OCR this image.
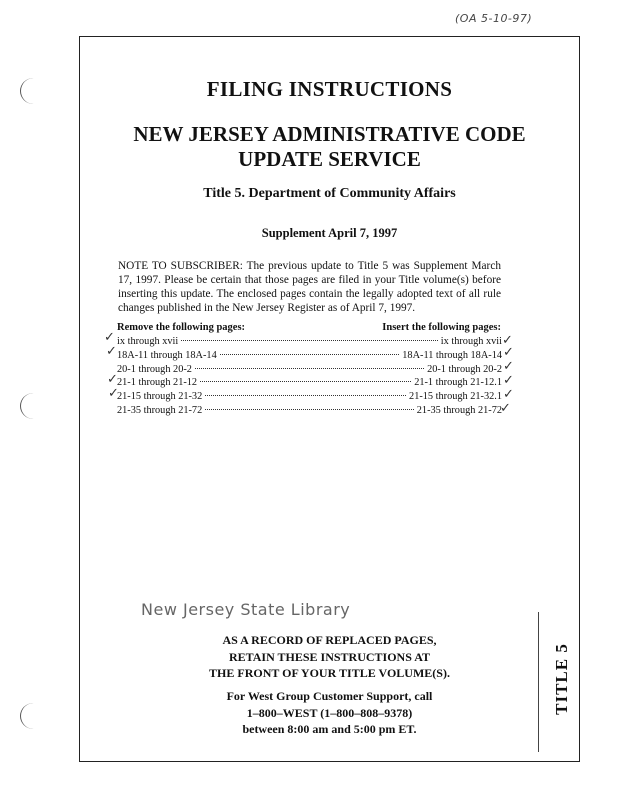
(OA 5-10-97)
FILING INSTRUCTIONS
NEW JERSEY ADMINISTRATIVE CODE
UPDATE SERVICE
Title 5. Department of Community Affairs
Supplement April 7, 1997
NOTE TO SUBSCRIBER: The previous update to Title 5 was Supplement March 17, 1997. Please be certain that those pages are filed in your Title volume(s) before inserting this update. The enclosed pages contain the legally adopted text of all rule changes published in the New Jersey Register as of April 7, 1997.
Remove the following pages:	Insert the following pages:
ix through xvii	ix through xvii
18A-11 through 18A-14	18A-11 through 18A-14
20-1 through 20-2	20-1 through 20-2
21-1 through 21-12	21-1 through 21-12.1
21-15 through 21-32	21-15 through 21-32.1
21-35 through 21-72	21-35 through 21-72
✓
✓
✓
✓
✓
✓
✓
✓
✓
✓
New Jersey State Library
AS A RECORD OF REPLACED PAGES,
RETAIN THESE INSTRUCTIONS AT
THE FRONT OF YOUR TITLE VOLUME(S).
For West Group Customer Support, call
1–800–WEST (1–800–808–9378)
between 8:00 am and 5:00 pm ET.
TITLE 5
